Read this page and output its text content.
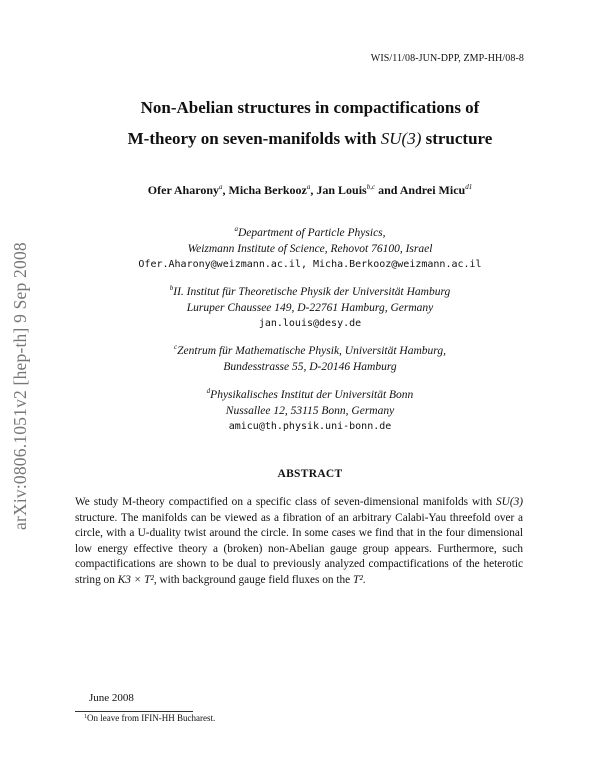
WIS/11/08-JUN-DPP, ZMP-HH/08-8
Non-Abelian structures in compactifications of
M-theory on seven-manifolds with SU(3) structure
Ofer Aharony$^a$, Micha Berkooz$^a$, Jan Louis$^{b,c}$ and Andrei Micu$^{d1}$
$^a$Department of Particle Physics,
Weizmann Institute of Science, Rehovot 76100, Israel
Ofer.Aharony@weizmann.ac.il, Micha.Berkooz@weizmann.ac.il
$^b$II. Institut für Theoretische Physik der Universität Hamburg
Luruper Chaussee 149, D-22761 Hamburg, Germany
jan.louis@desy.de
$^c$Zentrum für Mathematische Physik, Universität Hamburg,
Bundesstrasse 55, D-20146 Hamburg
$^d$Physikalisches Institut der Universität Bonn
Nussallee 12, 53115 Bonn, Germany
amicu@th.physik.uni-bonn.de
arXiv:0806.1051v2 [hep-th] 9 Sep 2008	ABSTRACT

We study M-theory compactified on a specific class of seven-dimensional manifolds with SU(3) structure. The manifolds can be viewed as a fibration of an arbitrary Calabi-Yau threefold over a circle, with a U-duality twist around the circle. In some cases we find that in the four dimensional low energy effective theory a (broken) non-Abelian gauge group appears. Furthermore, such compactifications are shown to be dual to previously analyzed compactifications of the heterotic string on K3 × T², with background gauge field fluxes on the T².

June 2008
$^1$On leave from IFIN-HH Bucharest.
